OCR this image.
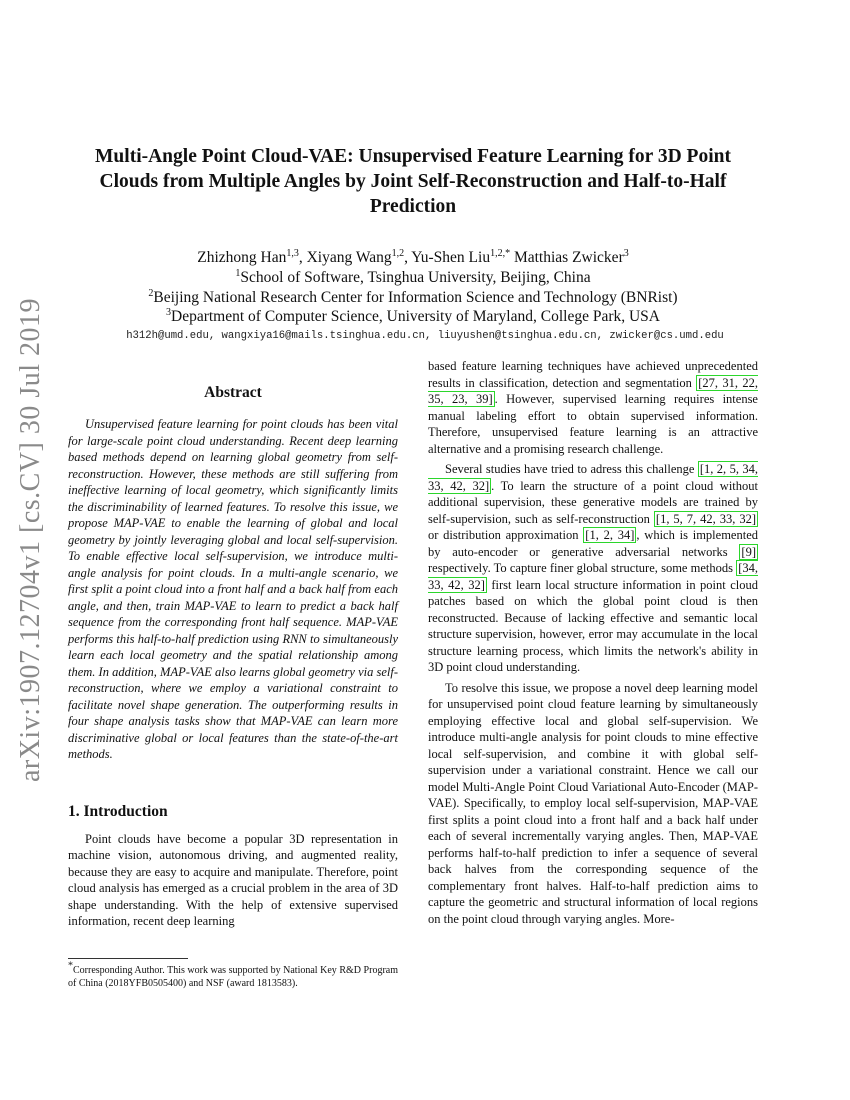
arXiv:1907.12704v1 [cs.CV] 30 Jul 2019
Multi-Angle Point Cloud-VAE: Unsupervised Feature Learning for 3D Point Clouds from Multiple Angles by Joint Self-Reconstruction and Half-to-Half Prediction
Zhizhong Han$^{1,3}$, Xiyang Wang$^{1,2}$, Yu-Shen Liu$^{1,2,*}$ Matthias Zwicker$^3$
$^1$School of Software, Tsinghua University, Beijing, China
$^2$Beijing National Research Center for Information Science and Technology (BNRist)
$^3$Department of Computer Science, University of Maryland, College Park, USA
h312h@umd.edu, wangxiya16@mails.tsinghua.edu.cn, liuyushen@tsinghua.edu.cn, zwicker@cs.umd.edu
Abstract

Unsupervised feature learning for point clouds has been vital for large-scale point cloud understanding. Recent deep learning based methods depend on learning global geometry from self-reconstruction. However, these methods are still suffering from ineffective learning of local geometry, which significantly limits the discriminability of learned features. To resolve this issue, we propose MAP-VAE to enable the learning of global and local geometry by jointly leveraging global and local self-supervision. To enable effective local self-supervision, we introduce multi-angle analysis for point clouds. In a multi-angle scenario, we first split a point cloud into a front half and a back half from each angle, and then, train MAP-VAE to learn to predict a back half sequence from the corresponding front half sequence. MAP-VAE performs this half-to-half prediction using RNN to simultaneously learn each local geometry and the spatial relationship among them. In addition, MAP-VAE also learns global geometry via self-reconstruction, where we employ a variational constraint to facilitate novel shape generation. The outperforming results in four shape analysis tasks show that MAP-VAE can learn more discriminative global or local features than the state-of-the-art methods.

1. Introduction

Point clouds have become a popular 3D representation in machine vision, autonomous driving, and augmented reality, because they are easy to acquire and manipulate. Therefore, point cloud analysis has emerged as a crucial problem in the area of 3D shape understanding. With the help of extensive supervised information, recent deep learning

based feature learning techniques have achieved unprecedented results in classification, detection and segmentation [27, 31, 22, 35, 23, 39] . However, supervised learning requires intense manual labeling effort to obtain supervised information. Therefore, unsupervised feature learning is an attractive alternative and a promising research challenge.

Several studies have tried to adress this challenge [1, 2, 5, 34, 33, 42, 32] . To learn the structure of a point cloud without additional supervision, these generative models are trained by self-supervision, such as self-reconstruction [1, 5, 7, 42, 33, 32] or distribution approximation [1, 2, 34] , which is implemented by auto-encoder or generative adversarial networks [9] respectively. To capture finer global structure, some methods [34, 33, 42, 32] first learn local structure information in point cloud patches based on which the global point cloud is then reconstructed. Because of lacking effective and semantic local structure supervision, however, error may accumulate in the local structure learning process, which limits the network's ability in 3D point cloud understanding.

To resolve this issue, we propose a novel deep learning model for unsupervised point cloud feature learning by simultaneously employing effective local and global self-supervision. We introduce multi-angle analysis for point clouds to mine effective local self-supervision, and combine it with global self-supervision under a variational constraint. Hence we call our model Multi-Angle Point Cloud Variational Auto-Encoder (MAP-VAE). Specifically, to employ local self-supervision, MAP-VAE first splits a point cloud into a front half and a back half under each of several incrementally varying angles. Then, MAP-VAE performs half-to-half prediction to infer a sequence of several back halves from the corresponding sequence of the complementary front halves. Half-to-half prediction aims to capture the geometric and structural information of local regions on the point cloud through varying angles. More-

*Corresponding Author. This work was supported by National Key R&D Program of China (2018YFB0505400) and NSF (award 1813583).
